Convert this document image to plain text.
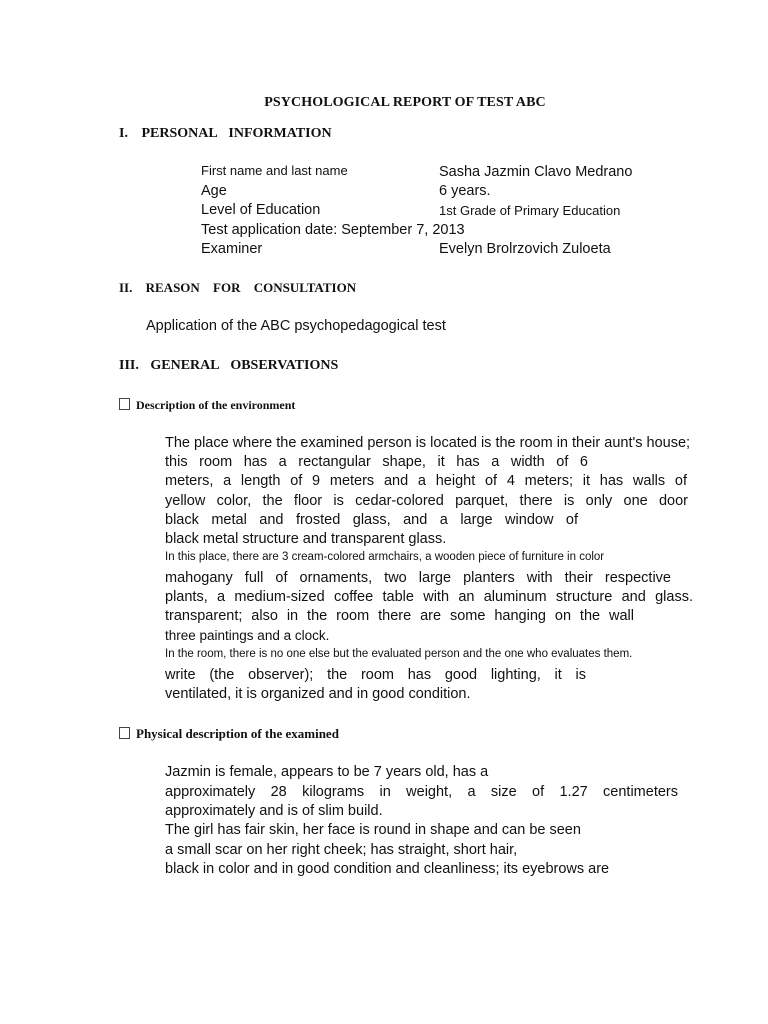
PSYCHOLOGICAL REPORT OF TEST ABC
I. PERSONAL INFORMATION
First name and last name	Sasha Jazmin Clavo Medrano
Age	6 years.
Level of Education	1st Grade of Primary Education
Test application date: September 7, 2013
Examiner	Evelyn Brolrzovich Zuloeta
II. REASON FOR CONSULTATION
Application of the ABC psychopedagogical test
III. GENERAL OBSERVATIONS
Description of the environment
The place where the examined person is located is the room in their aunt's house;
this room has a rectangular shape, it has a width of 6
meters, a length of 9 meters and a height of 4 meters; it has walls of
yellow color, the floor is cedar-colored parquet, there is only one door
black metal and frosted glass, and a large window of
black metal structure and transparent glass.
In this place, there are 3 cream-colored armchairs, a wooden piece of furniture in color
mahogany full of ornaments, two large planters with their respective
plants, a medium-sized coffee table with an aluminum structure and glass.
transparent; also in the room there are some hanging on the wall
three paintings and a clock.
In the room, there is no one else but the evaluated person and the one who evaluates them.
write (the observer); the room has good lighting, it is
ventilated, it is organized and in good condition.
Physical description of the examined
Jazmin is female, appears to be 7 years old, has a
approximately 28 kilograms in weight, a size of 1.27 centimeters
approximately and is of slim build.
The girl has fair skin, her face is round in shape and can be seen
a small scar on her right cheek; has straight, short hair,
black in color and in good condition and cleanliness; its eyebrows are
